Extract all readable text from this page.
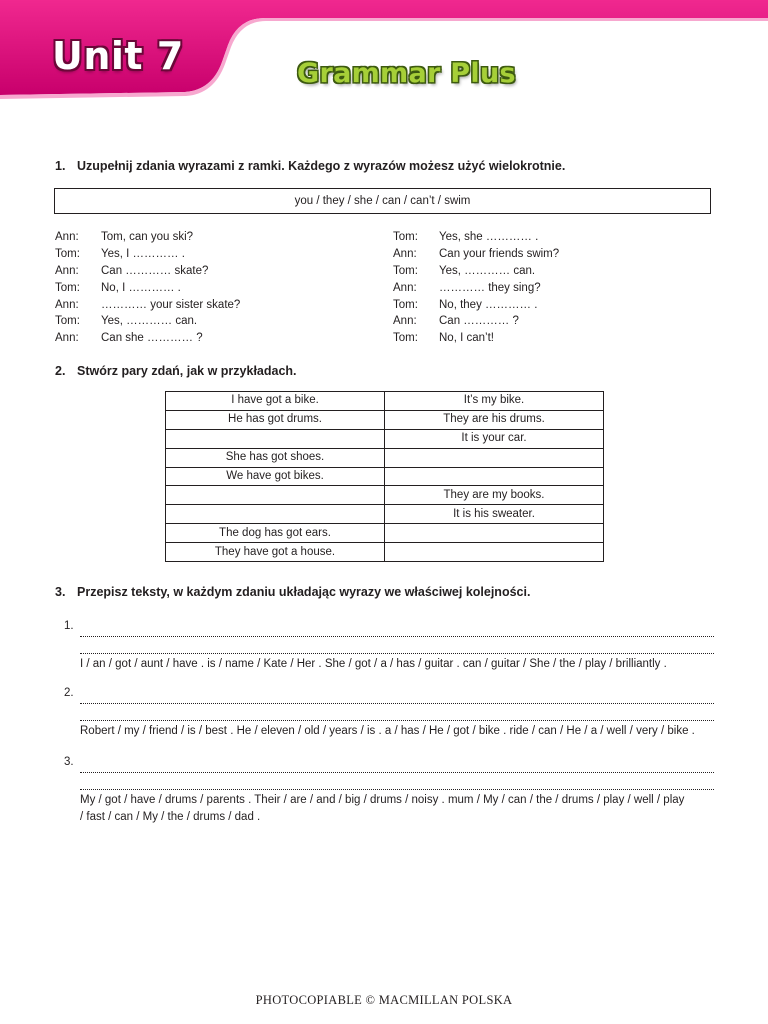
Unit 7	Grammar Plus
1. Uzupełnij zdania wyrazami z ramki. Każdego z wyrazów możesz użyć wielokrotnie.
you / they / she / can / can’t / swim
Ann: Tom, can you ski?
Tom: Yes, I ………… .
Ann: Can ………… skate?
Tom: No, I ………… .
Ann: ………… your sister skate?
Tom: Yes, ………… can.
Ann: Can she ………… ?
Tom: Yes, she ………… .
Ann: Can your friends swim?
Tom: Yes, ………… can.
Ann: ………… they sing?
Tom: No, they ………… .
Ann: Can ………… ?
Tom: No, I can’t!
2. Stwórz pary zdań, jak w przykładach.
I have got a bike.	It’s my bike.
He has got drums.	They are his drums.
	It is your car.
She has got shoes.	
We have got bikes.	
	They are my books.
	It is his sweater.
The dog has got ears.	
They have got a house.	
3. Przepisz teksty, w każdym zdaniu układając wyrazy we właściwej kolejności.
1.
I / an / got / aunt / have . is / name / Kate / Her . She / got / a / has / guitar . can / guitar / She / the / play / brilliantly .
2.
Robert / my / friend / is / best . He / eleven / old / years / is . a / has / He / got / bike . ride / can / He / a / well / very / bike .
3.
My / got / have / drums / parents . Their / are / and / big / drums / noisy . mum / My / can / the / drums / play / well / play
/ fast / can / My / the / drums / dad .
PHOTOCOPIABLE © MACMILLAN POLSKA
